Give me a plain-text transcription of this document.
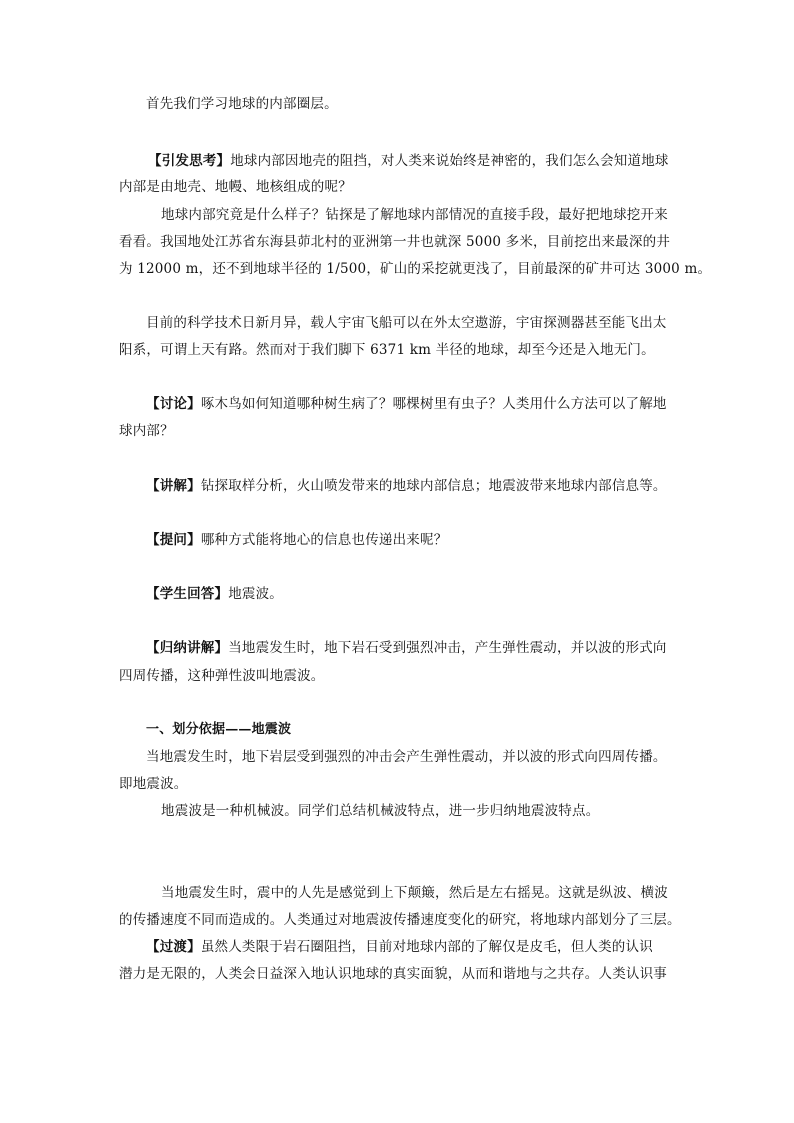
首先我们学习地球的内部圈层。
【引发思考】地球内部因地壳的阻挡，对人类来说始终是神密的，我们怎么会知道地球
内部是由地壳、地幔、地核组成的呢？
地球内部究竟是什么样子？钻探是了解地球内部情况的直接手段，最好把地球挖开来
看看。我国地处江苏省东海县茆北村的亚洲第一井也就深 5000 多米，目前挖出来最深的井
为 12000 m，还不到地球半径的 1/500，矿山的采挖就更浅了，目前最深的矿井可达 3000 m。
目前的科学技术日新月异，载人宇宙飞船可以在外太空遨游，宇宙探测器甚至能飞出太
阳系，可谓上天有路。然而对于我们脚下 6371 km 半径的地球，却至今还是入地无门。
【讨论】啄木鸟如何知道哪种树生病了？哪棵树里有虫子？人类用什么方法可以了解地
球内部？
【讲解】钻探取样分析，火山喷发带来的地球内部信息；地震波带来地球内部信息等。
【提问】哪种方式能将地心的信息也传递出来呢？
【学生回答】地震波。
【归纳讲解】当地震发生时，地下岩石受到强烈冲击，产生弹性震动，并以波的形式向
四周传播，这种弹性波叫地震波。
一、划分依据——地震波
当地震发生时，地下岩层受到强烈的冲击会产生弹性震动，并以波的形式向四周传播。
即地震波。
地震波是一种机械波。同学们总结机械波特点，进一步归纳地震波特点。
当地震发生时，震中的人先是感觉到上下颠簸，然后是左右摇晃。这就是纵波、横波
的传播速度不同而造成的。人类通过对地震波传播速度变化的研究，将地球内部划分了三层。
【过渡】虽然人类限于岩石圈阻挡，目前对地球内部的了解仅是皮毛，但人类的认识
潜力是无限的，人类会日益深入地认识地球的真实面貌，从而和谐地与之共存。人类认识事
